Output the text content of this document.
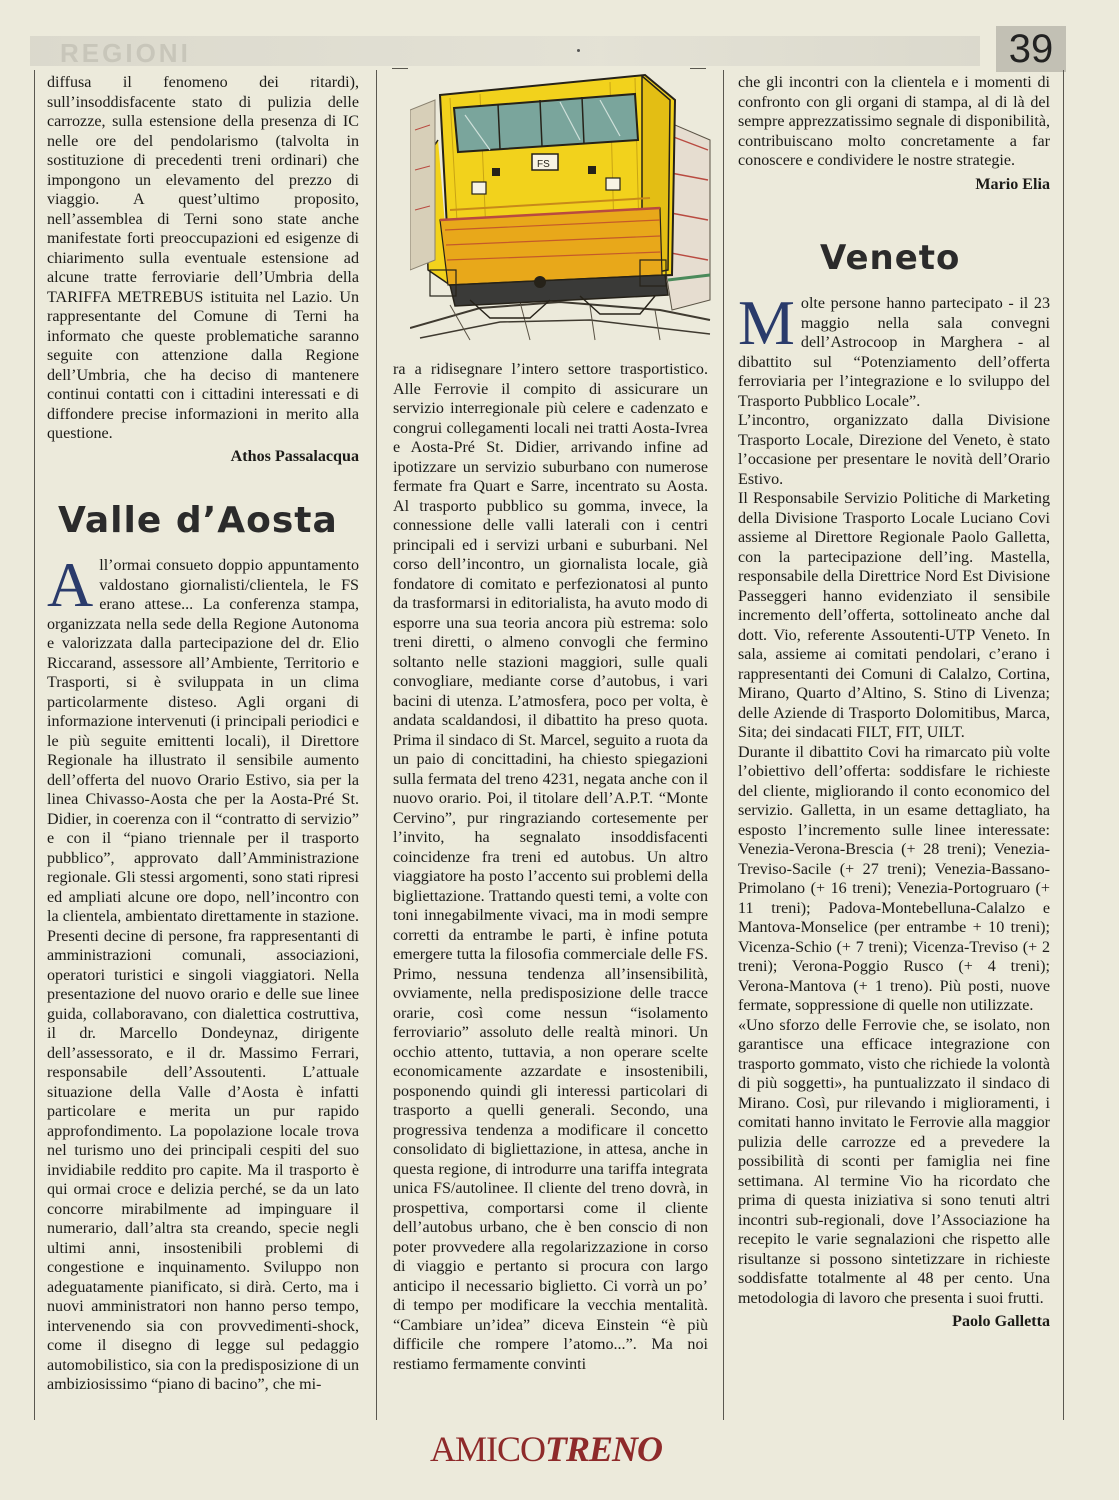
REGIONI	39

diffusa il fenomeno dei ritardi), sull’insoddisfacente stato di pulizia delle carrozze, sulla estensione della presenza di IC nelle ore del pendolarismo (talvolta in sostituzione di precedenti treni ordinari) che impongono un elevamento del prezzo di viaggio. A quest’ultimo proposito, nell’assemblea di Terni sono state anche manifestate forti preoccupazioni ed esigenze di chiarimento sulla eventuale estensione ad alcune tratte ferroviarie dell’Umbria della TARIFFA METREBUS istituita nel Lazio. Un rappresentante del Comune di Terni ha informato che queste problematiche saranno seguite con attenzione dalla Regione dell’Umbria, che ha deciso di mantenere continui contatti con i cittadini interessati e di diffondere precise informazioni in merito alla questione.

Athos Passalacqua

Valle d’Aosta

All’ormai consueto doppio appuntamento valdostano giornalisti/clientela, le FS erano attese... La conferenza stampa, organizzata nella sede della Regione Autonoma e valorizzata dalla partecipazione del dr. Elio Riccarand, assessore all’Ambiente, Territorio e Trasporti, si è sviluppata in un clima particolarmente disteso. Agli organi di informazione intervenuti (i principali periodici e le più seguite emittenti locali), il Direttore Regionale ha illustrato il sensibile aumento dell’offerta del nuovo Orario Estivo, sia per la linea Chivasso-Aosta che per la Aosta-Pré St. Didier, in coerenza con il “contratto di servizio” e con il “piano triennale per il trasporto pubblico”, approvato dall’Amministrazione regionale. Gli stessi argomenti, sono stati ripresi ed ampliati alcune ore dopo, nell’incontro con la clientela, ambientato direttamente in stazione. Presenti decine di persone, fra rappresentanti di amministrazioni comunali, associazioni, operatori turistici e singoli viaggiatori. Nella presentazione del nuovo orario e delle sue linee guida, collaboravano, con dialettica costruttiva, il dr. Marcello Dondeynaz, dirigente dell’assessorato, e il dr. Massimo Ferrari, responsabile dell’Assoutenti. L’attuale situazione della Valle d’Aosta è infatti particolare e merita un pur rapido approfondimento. La popolazione locale trova nel turismo uno dei principali cespiti del suo invidiabile reddito pro capite. Ma il trasporto è qui ormai croce e delizia perché, se da un lato concorre mirabilmente ad impinguare il numerario, dall’altra sta creando, specie negli ultimi anni, insostenibili problemi di congestione e inquinamento. Sviluppo non adeguatamente pianificato, si dirà. Certo, ma i nuovi amministratori non hanno perso tempo, intervenendo sia con provvedimenti-shock, come il disegno di legge sul pedaggio automobilistico, sia con la predisposizione di un ambiziosissimo “piano di bacino”, che mi-

FS

ra a ridisegnare l’intero settore trasportistico. Alle Ferrovie il compito di assicurare un servizio interregionale più celere e cadenzato e congrui collegamenti locali nei tratti Aosta-Ivrea e Aosta-Pré St. Didier, arrivando infine ad ipotizzare un servizio suburbano con numerose fermate fra Quart e Sarre, incentrato su Aosta. Al trasporto pubblico su gomma, invece, la connessione delle valli laterali con i centri principali ed i servizi urbani e suburbani. Nel corso dell’incontro, un giornalista locale, già fondatore di comitato e perfezionatosi al punto da trasformarsi in editorialista, ha avuto modo di esporre una sua teoria ancora più estrema: solo treni diretti, o almeno convogli che fermino soltanto nelle stazioni maggiori, sulle quali convogliare, mediante corse d’autobus, i vari bacini di utenza. L’atmosfera, poco per volta, è andata scaldandosi, il dibattito ha preso quota. Prima il sindaco di St. Marcel, seguito a ruota da un paio di concittadini, ha chiesto spiegazioni sulla fermata del treno 4231, negata anche con il nuovo orario. Poi, il titolare dell’A.P.T. “Monte Cervino”, pur ringraziando cortesemente per l’invito, ha segnalato insoddisfacenti coincidenze fra treni ed autobus. Un altro viaggiatore ha posto l’accento sui problemi della bigliettazione. Trattando questi temi, a volte con toni innegabilmente vivaci, ma in modi sempre corretti da entrambe le parti, è infine potuta emergere tutta la filosofia commerciale delle FS. Primo, nessuna tendenza all’insensibilità, ovviamente, nella predisposizione delle tracce orarie, così come nessun “isolamento ferroviario” assoluto delle realtà minori. Un occhio attento, tuttavia, a non operare scelte economicamente azzardate e insostenibili, posponendo quindi gli interessi particolari di trasporto a quelli generali. Secondo, una progressiva tendenza a modificare il concetto consolidato di bigliettazione, in attesa, anche in questa regione, di introdurre una tariffa integrata unica FS/autolinee. Il cliente del treno dovrà, in prospettiva, comportarsi come il cliente dell’autobus urbano, che è ben conscio di non poter provvedere alla regolarizzazione in corso di viaggio e pertanto si procura con largo anticipo il necessario biglietto. Ci vorrà un po’ di tempo per modificare la vecchia mentalità. “Cambiare un’idea” diceva Einstein “è più difficile che rompere l’atomo...”. Ma noi restiamo fermamente convinti

che gli incontri con la clientela e i momenti di confronto con gli organi di stampa, al di là del sempre apprezzatissimo segnale di disponibilità, contribuiscano molto concretamente a far conoscere e condividere le nostre strategie.

Mario Elia

Veneto

Molte persone hanno partecipato - il 23 maggio nella sala convegni dell’Astrocoop in Marghera - al dibattito sul “Potenziamento dell’offerta ferroviaria per l’integrazione e lo sviluppo del Trasporto Pubblico Locale”.

L’incontro, organizzato dalla Divisione Trasporto Locale, Direzione del Veneto, è stato l’occasione per presentare le novità dell’Orario Estivo.

Il Responsabile Servizio Politiche di Marketing della Divisione Trasporto Locale Luciano Covi assieme al Direttore Regionale Paolo Galletta, con la partecipazione dell’ing. Mastella, responsabile della Direttrice Nord Est Divisione Passeggeri hanno evidenziato il sensibile incremento dell’offerta, sottolineato anche dal dott. Vio, referente Assoutenti-UTP Veneto. In sala, assieme ai comitati pendolari, c’erano i rappresentanti dei Comuni di Calalzo, Cortina, Mirano, Quarto d’Altino, S. Stino di Livenza; delle Aziende di Trasporto Dolomitibus, Marca, Sita; dei sindacati FILT, FIT, UILT.

Durante il dibattito Covi ha rimarcato più volte l’obiettivo dell’offerta: soddisfare le richieste del cliente, migliorando il conto economico del servizio. Galletta, in un esame dettagliato, ha esposto l’incremento sulle linee interessate: Venezia-Verona-Brescia (+ 28 treni); Venezia-Treviso-Sacile (+ 27 treni); Venezia-Bassano-Primolano (+ 16 treni); Venezia-Portogruaro (+ 11 treni); Padova-Montebelluna-Calalzo e Mantova-Monselice (per entrambe + 10 treni); Vicenza-Schio (+ 7 treni); Vicenza-Treviso (+ 2 treni); Verona-Poggio Rusco (+ 4 treni); Verona-Mantova (+ 1 treno). Più posti, nuove fermate, soppressione di quelle non utilizzate.

«Uno sforzo delle Ferrovie che, se isolato, non garantisce una efficace integrazione con trasporto gommato, visto che richiede la volontà di più soggetti», ha puntualizzato il sindaco di Mirano. Così, pur rilevando i miglioramenti, i comitati hanno invitato le Ferrovie alla maggior pulizia delle carrozze ed a prevedere la possibilità di sconti per famiglia nei fine settimana. Al termine Vio ha ricordato che prima di questa iniziativa si sono tenuti altri incontri sub-regionali, dove l’Associazione ha recepito le varie segnalazioni che rispetto alle risultanze si possono sintetizzare in richieste soddisfatte totalmente al 48 per cento. Una metodologia di lavoro che presenta i suoi frutti.

Paolo Galletta

AMICOTRENO
